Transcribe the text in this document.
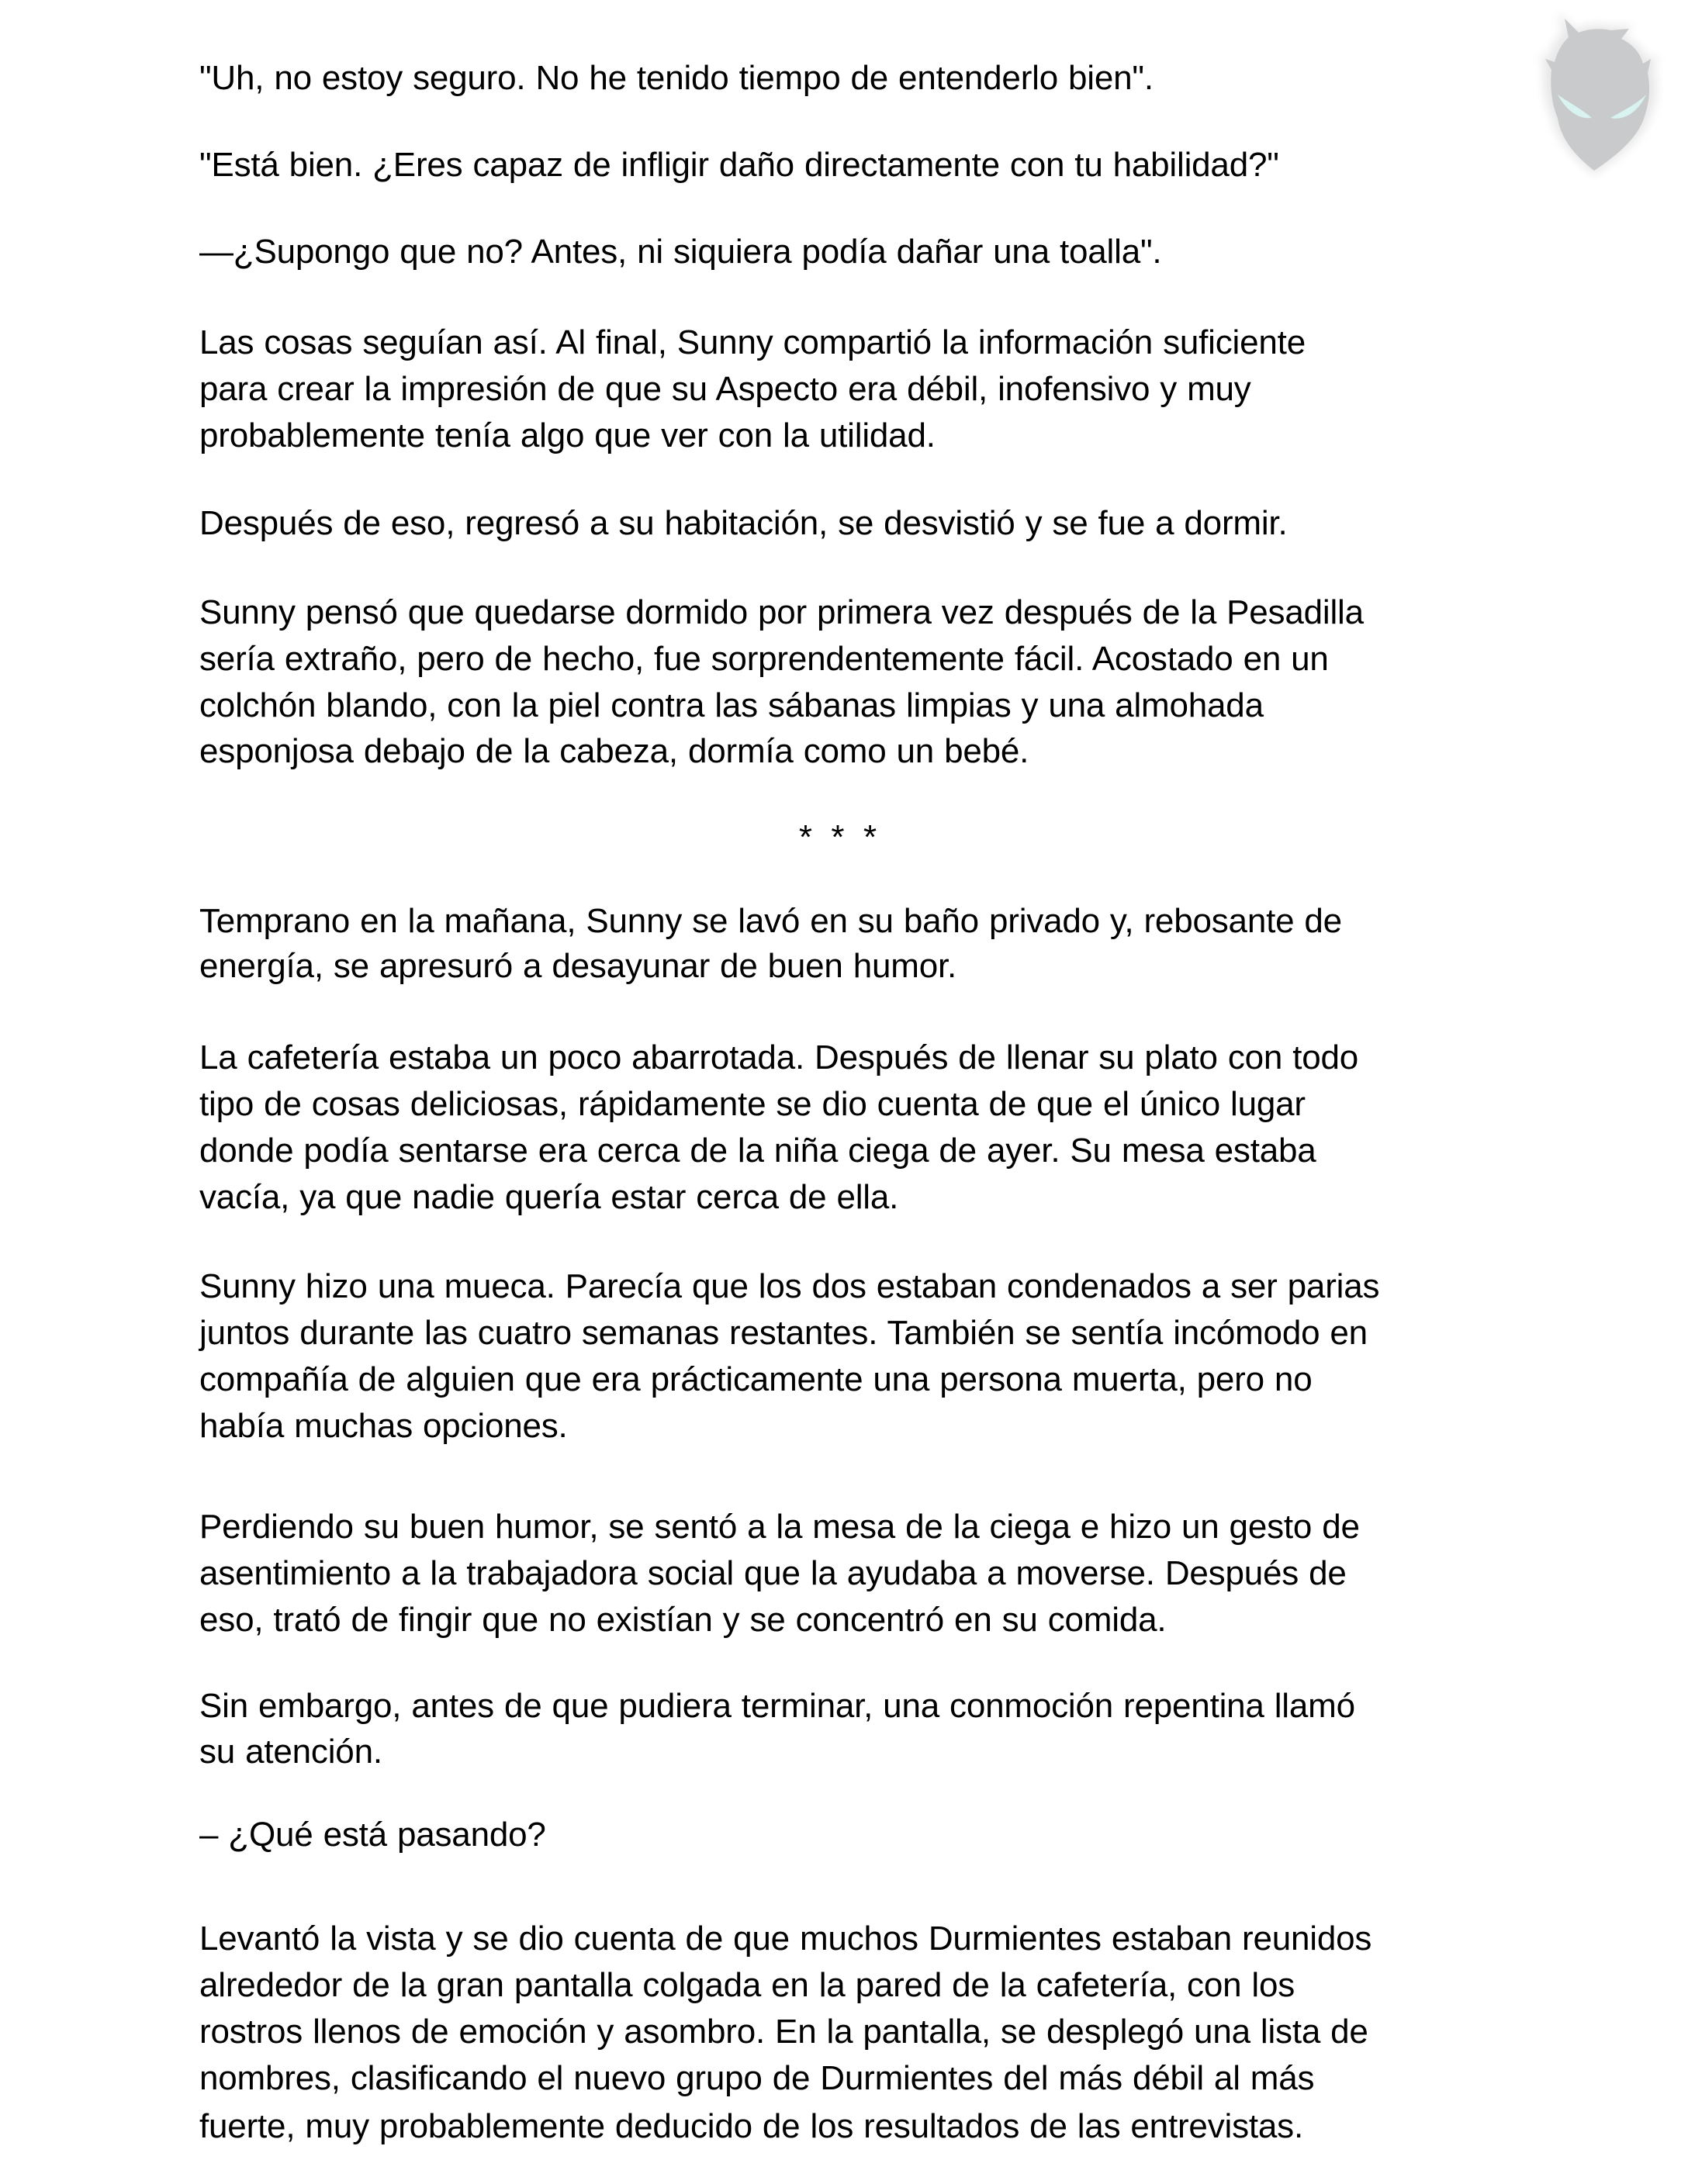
"Uh, no estoy seguro. No he tenido tiempo de entenderlo bien".
"Está bien. ¿Eres capaz de infligir daño directamente con tu habilidad?"
—¿Supongo que no? Antes, ni siquiera podía dañar una toalla".
Las cosas seguían así. Al final, Sunny compartió la información suficiente
para crear la impresión de que su Aspecto era débil, inofensivo y muy
probablemente tenía algo que ver con la utilidad.
Después de eso, regresó a su habitación, se desvistió y se fue a dormir.
Sunny pensó que quedarse dormido por primera vez después de la Pesadilla
sería extraño, pero de hecho, fue sorprendentemente fácil. Acostado en un
colchón blando, con la piel contra las sábanas limpias y una almohada
esponjosa debajo de la cabeza, dormía como un bebé.
*  *  *
Temprano en la mañana, Sunny se lavó en su baño privado y, rebosante de
energía, se apresuró a desayunar de buen humor.
La cafetería estaba un poco abarrotada. Después de llenar su plato con todo
tipo de cosas deliciosas, rápidamente se dio cuenta de que el único lugar
donde podía sentarse era cerca de la niña ciega de ayer. Su mesa estaba
vacía, ya que nadie quería estar cerca de ella.
Sunny hizo una mueca. Parecía que los dos estaban condenados a ser parias
juntos durante las cuatro semanas restantes. También se sentía incómodo en
compañía de alguien que era prácticamente una persona muerta, pero no
había muchas opciones.
Perdiendo su buen humor, se sentó a la mesa de la ciega e hizo un gesto de
asentimiento a la trabajadora social que la ayudaba a moverse. Después de
eso, trató de fingir que no existían y se concentró en su comida.
Sin embargo, antes de que pudiera terminar, una conmoción repentina llamó
su atención.
– ¿Qué está pasando?
Levantó la vista y se dio cuenta de que muchos Durmientes estaban reunidos
alrededor de la gran pantalla colgada en la pared de la cafetería, con los
rostros llenos de emoción y asombro. En la pantalla, se desplegó una lista de
nombres, clasificando el nuevo grupo de Durmientes del más débil al más
fuerte, muy probablemente deducido de los resultados de las entrevistas.
